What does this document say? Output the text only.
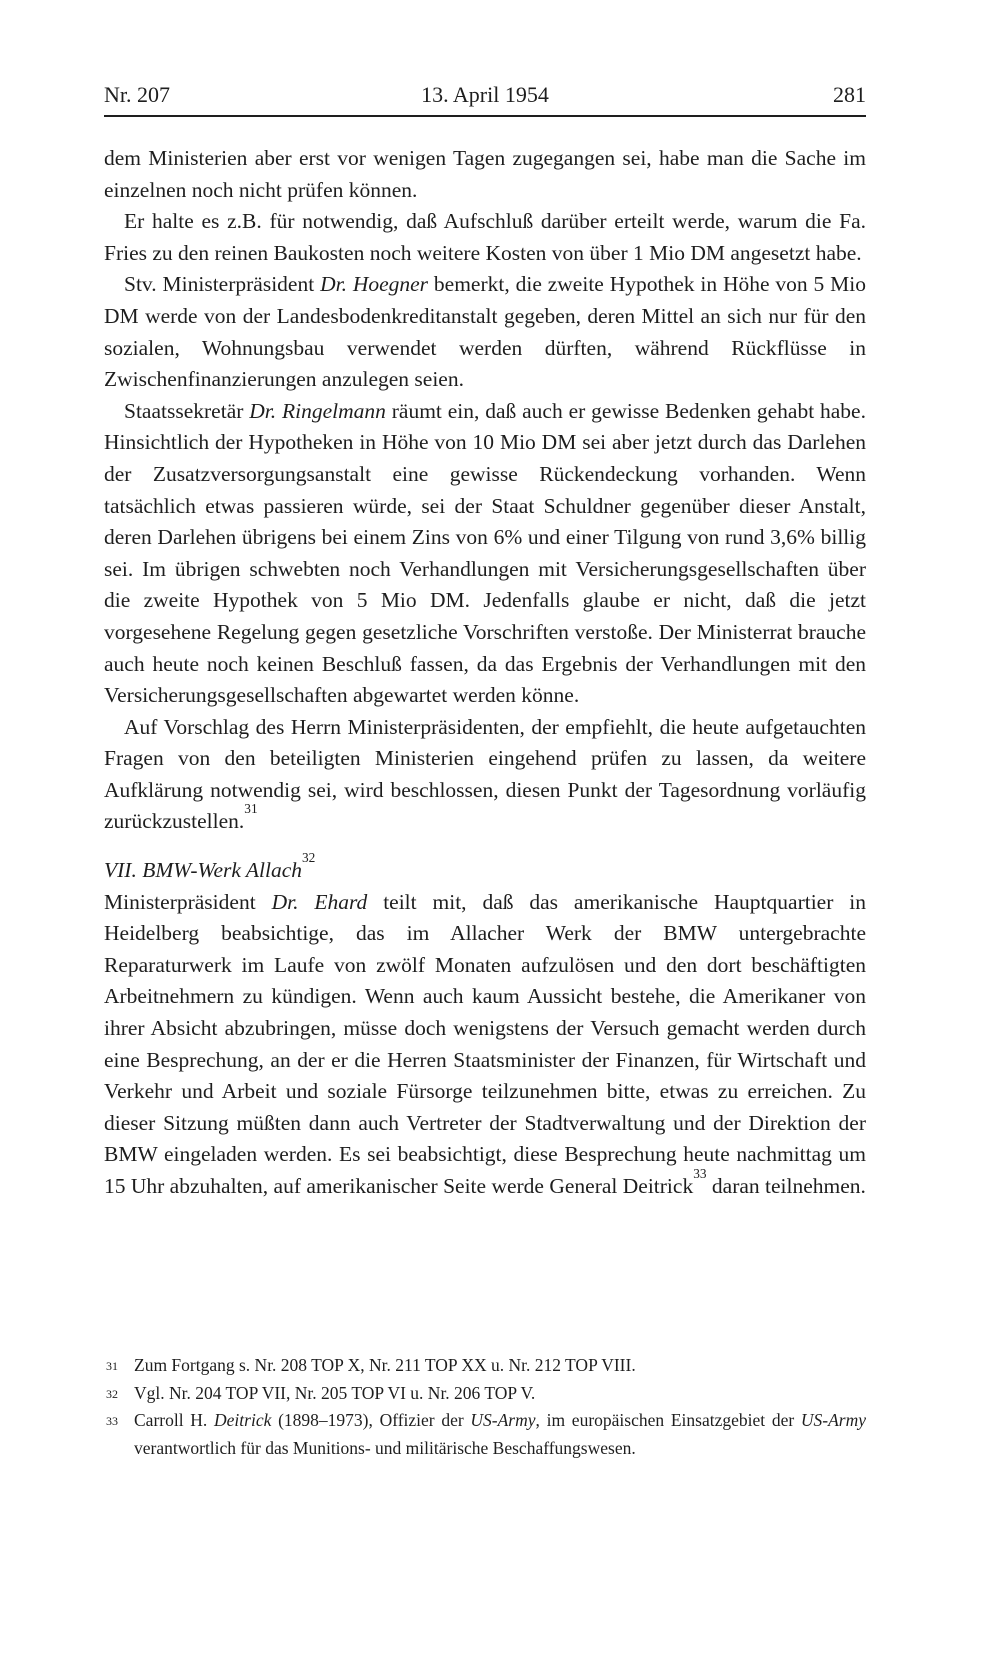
Nr. 207	13. April 1954	281

dem Ministerien aber erst vor wenigen Tagen zugegangen sei, habe man die Sache im einzelnen noch nicht prüfen können.

Er halte es z.B. für notwendig, daß Aufschluß darüber erteilt werde, warum die Fa. Fries zu den reinen Baukosten noch weitere Kosten von über 1 Mio DM angesetzt habe.

Stv. Ministerpräsident Dr. Hoegner bemerkt, die zweite Hypothek in Höhe von 5 Mio DM werde von der Landesbodenkreditanstalt gegeben, deren Mittel an sich nur für den sozialen, Wohnungsbau verwendet werden dürften, während Rückflüsse in Zwischenfinanzierungen anzulegen seien.

Staatssekretär Dr. Ringelmann räumt ein, daß auch er gewisse Bedenken gehabt habe. Hinsichtlich der Hypotheken in Höhe von 10 Mio DM sei aber jetzt durch das Darlehen der Zusatzversorgungsanstalt eine gewisse Rückendeckung vorhanden. Wenn tatsächlich etwas passieren würde, sei der Staat Schuldner gegenüber dieser Anstalt, deren Darlehen übrigens bei einem Zins von 6% und einer Tilgung von rund 3,6% billig sei. Im übrigen schwebten noch Verhandlungen mit Versicherungsgesellschaften über die zweite Hypothek von 5 Mio DM. Jedenfalls glaube er nicht, daß die jetzt vorgesehene Regelung gegen gesetzliche Vorschriften verstoße. Der Ministerrat brauche auch heute noch keinen Beschluß fassen, da das Ergebnis der Verhandlungen mit den Versicherungsgesellschaften abgewartet werden könne.

Auf Vorschlag des Herrn Ministerpräsidenten, der empfiehlt, die heute aufgetauchten Fragen von den beteiligten Ministerien eingehend prüfen zu lassen, da weitere Aufklärung notwendig sei, wird beschlossen, diesen Punkt der Tagesordnung vorläufig zurückzustellen.$^{31}$

VII. BMW-Werk Allach$^{32}$

Ministerpräsident Dr. Ehard teilt mit, daß das amerikanische Hauptquartier in Heidelberg beabsichtige, das im Allacher Werk der BMW untergebrachte Reparaturwerk im Laufe von zwölf Monaten aufzulösen und den dort beschäftigten Arbeitnehmern zu kündigen. Wenn auch kaum Aussicht bestehe, die Amerikaner von ihrer Absicht abzubringen, müsse doch wenigstens der Versuch gemacht werden durch eine Besprechung, an der er die Herren Staatsminister der Finanzen, für Wirtschaft und Verkehr und Arbeit und soziale Fürsorge teilzunehmen bitte, etwas zu erreichen. Zu dieser Sitzung müßten dann auch Vertreter der Stadtverwaltung und der Direktion der BMW eingeladen werden. Es sei beabsichtigt, diese Besprechung heute nachmittag um 15 Uhr abzuhalten, auf amerikanischer Seite werde General Deitrick$^{33}$ daran teilnehmen.

31 Zum Fortgang s. Nr. 208 TOP X, Nr. 211 TOP XX u. Nr. 212 TOP VIII.
32 Vgl. Nr. 204 TOP VII, Nr. 205 TOP VI u. Nr. 206 TOP V.
33 Carroll H. Deitrick (1898–1973), Offizier der US-Army, im europäischen Einsatzgebiet der US-Army verantwortlich für das Munitions- und militärische Beschaffungswesen.
